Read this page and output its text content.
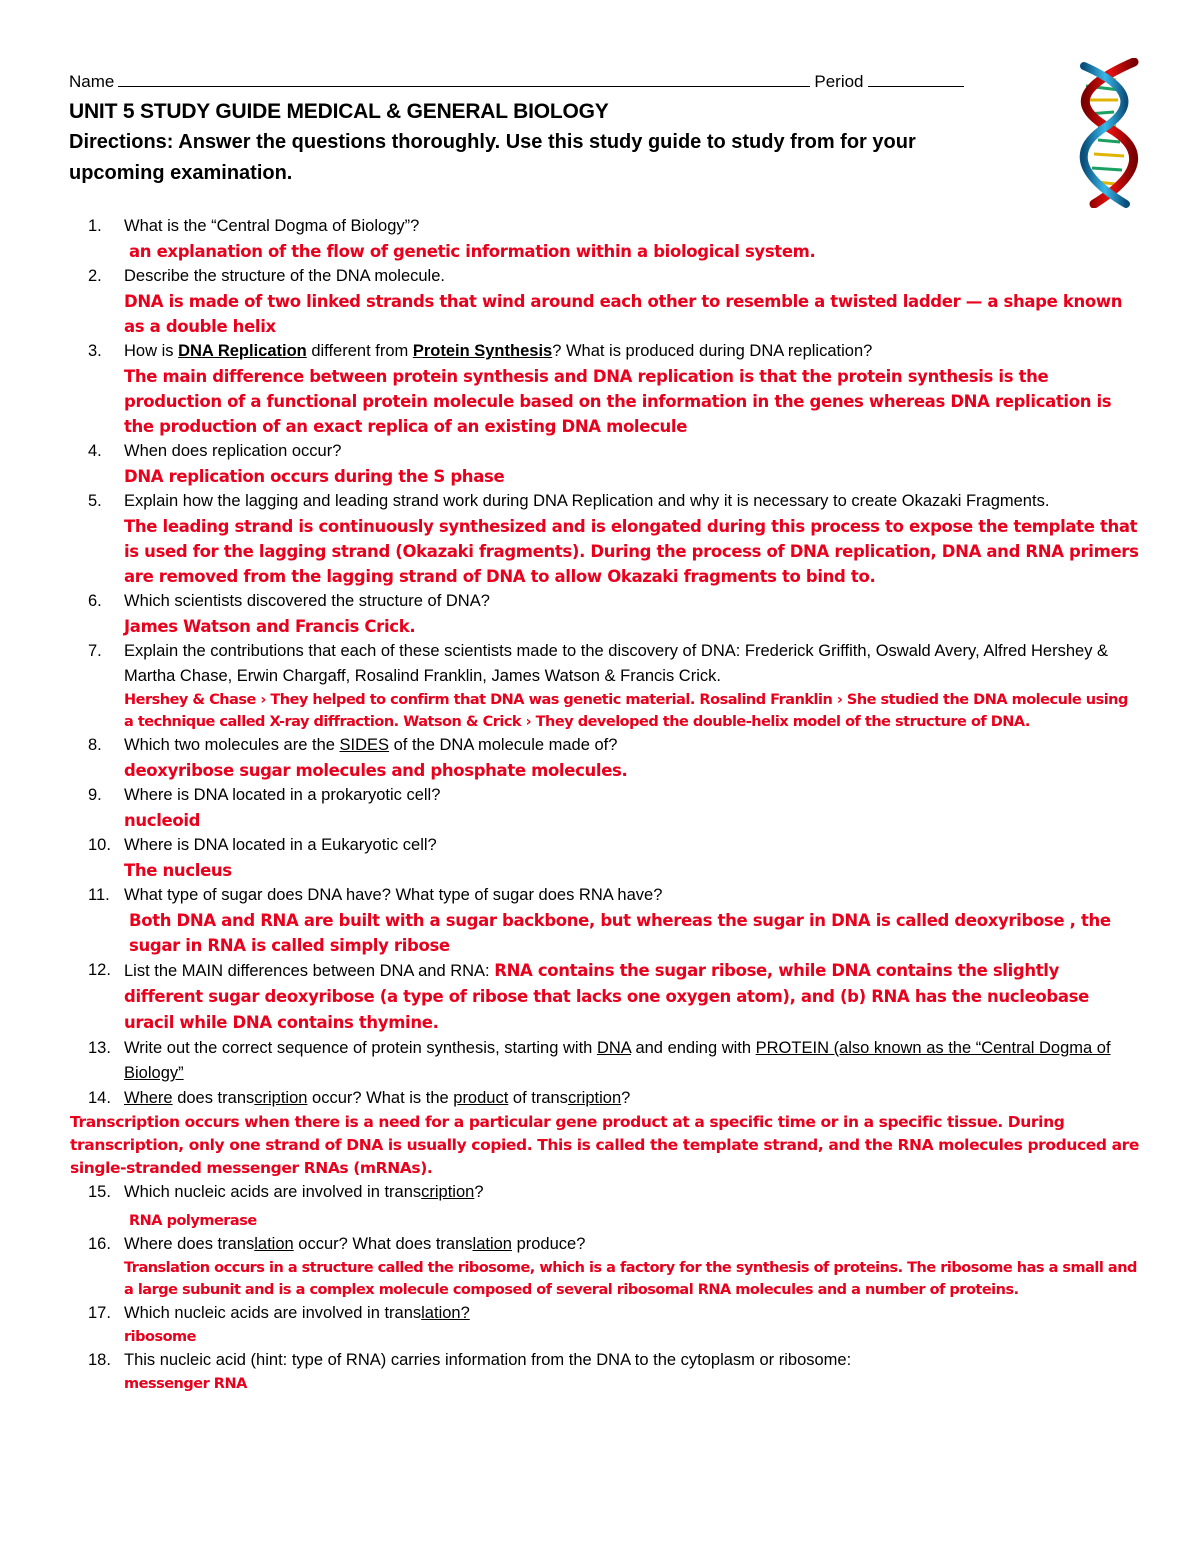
Name	Period
UNIT 5 STUDY GUIDE MEDICAL & GENERAL BIOLOGY
Directions: Answer the questions thoroughly. Use this study guide to study from for your upcoming examination.
1. What is the “Central Dogma of Biology”?
an explanation of the flow of genetic information within a biological system.
2. Describe the structure of the DNA molecule.
DNA is made of two linked strands that wind around each other to resemble a twisted ladder — a shape known as a double helix
3. How is DNA Replication different from Protein Synthesis? What is produced during DNA replication?
The main difference between protein synthesis and DNA replication is that the protein synthesis is the production of a functional protein molecule based on the information in the genes whereas DNA replication is the production of an exact replica of an existing DNA molecule
4. When does replication occur?
DNA replication occurs during the S phase
5. Explain how the lagging and leading strand work during DNA Replication and why it is necessary to create Okazaki Fragments.
The leading strand is continuously synthesized and is elongated during this process to expose the template that is used for the lagging strand (Okazaki fragments). During the process of DNA replication, DNA and RNA primers are removed from the lagging strand of DNA to allow Okazaki fragments to bind to.
6. Which scientists discovered the structure of DNA?
James Watson and Francis Crick.
7. Explain the contributions that each of these scientists made to the discovery of DNA: Frederick Griffith, Oswald Avery, Alfred Hershey & Martha Chase, Erwin Chargaff, Rosalind Franklin, James Watson & Francis Crick.
Hershey & Chase › They helped to confirm that DNA was genetic material. Rosalind Franklin › She studied the DNA molecule using a technique called X-ray diffraction. Watson & Crick › They developed the double-helix model of the structure of DNA.
8. Which two molecules are the SIDES of the DNA molecule made of?
deoxyribose sugar molecules and phosphate molecules.
9. Where is DNA located in a prokaryotic cell?
nucleoid
10. Where is DNA located in a Eukaryotic cell?
The nucleus
11. What type of sugar does DNA have? What type of sugar does RNA have?
Both DNA and RNA are built with a sugar backbone, but whereas the sugar in DNA is called deoxyribose , the sugar in RNA is called simply ribose
12. List the MAIN differences between DNA and RNA: RNA contains the sugar ribose, while DNA contains the slightly different sugar deoxyribose (a type of ribose that lacks one oxygen atom), and (b) RNA has the nucleobase uracil while DNA contains thymine.
13. Write out the correct sequence of protein synthesis, starting with DNA and ending with PROTEIN (also known as the “Central Dogma of Biology”
14. Where does transcription occur? What is the product of transcription?
Transcription occurs when there is a need for a particular gene product at a specific time or in a specific tissue. During transcription, only one strand of DNA is usually copied. This is called the template strand, and the RNA molecules produced are single-stranded messenger RNAs (mRNAs).
15. Which nucleic acids are involved in transcription?
RNA polymerase
16. Where does translation occur? What does translation produce?
Translation occurs in a structure called the ribosome, which is a factory for the synthesis of proteins. The ribosome has a small and a large subunit and is a complex molecule composed of several ribosomal RNA molecules and a number of proteins.
17. Which nucleic acids are involved in translation?
ribosome
18. This nucleic acid (hint: type of RNA) carries information from the DNA to the cytoplasm or ribosome:
messenger RNA
